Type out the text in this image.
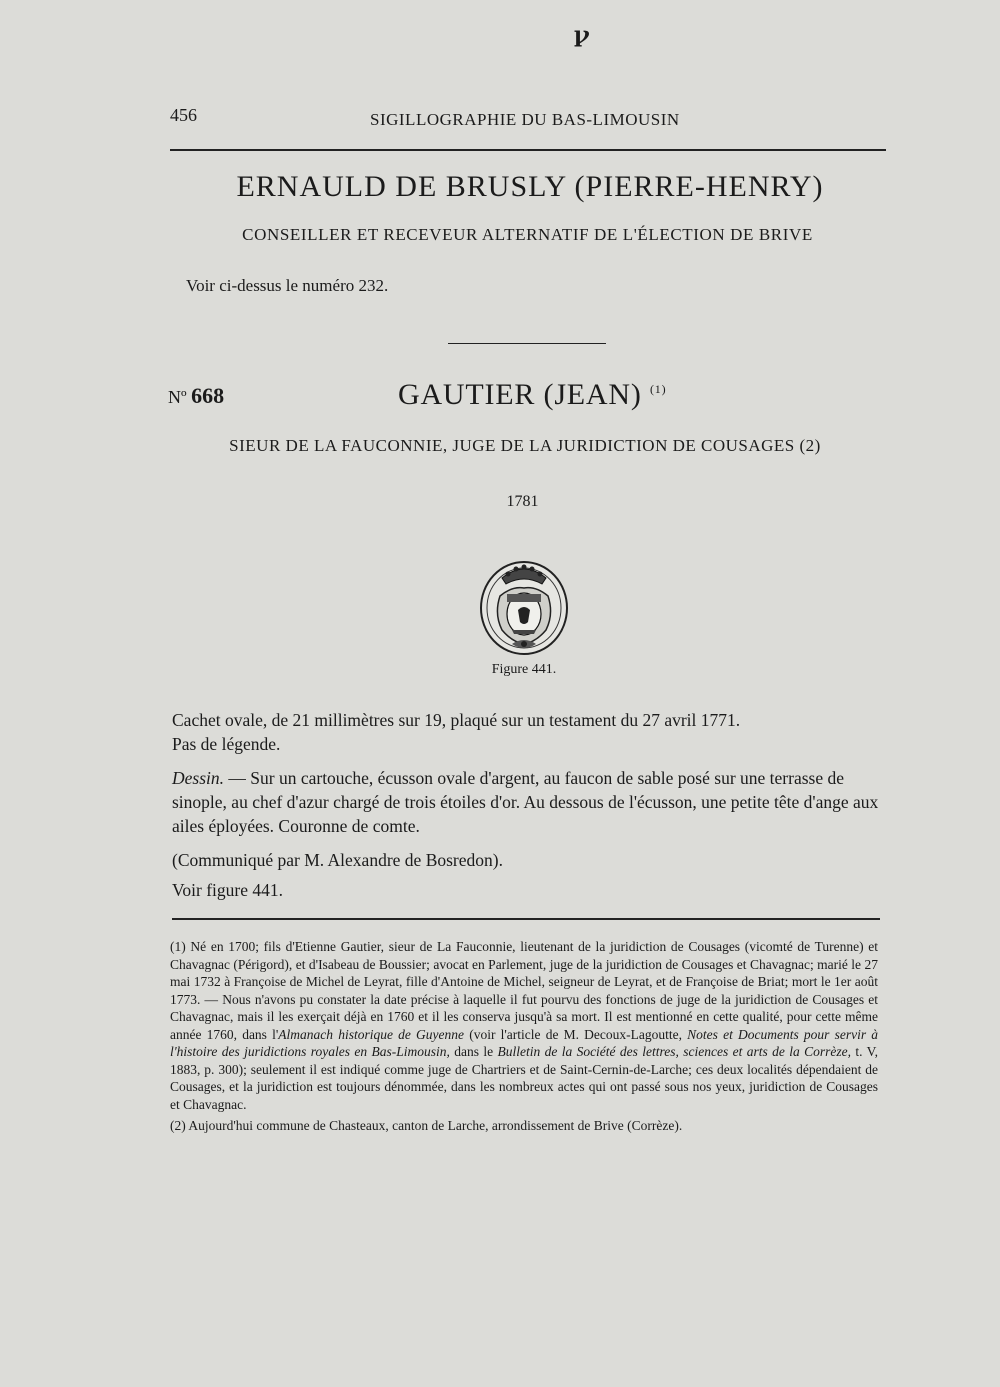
ꝩ
456	SIGILLOGRAPHIE DU BAS-LIMOUSIN
ERNAULD DE BRUSLY (PIERRE-HENRY)
CONSEILLER ET RECEVEUR ALTERNATIF DE L'ÉLECTION DE BRIVE
Voir ci-dessus le numéro 232.
Nº 668	GAUTIER (JEAN) $^{(1)}$
SIEUR DE LA FAUCONNIE, JUGE DE LA JURIDICTION DE COUSAGES (2)
1781
Figure 441.

Cachet ovale, de 21 millimètres sur 19, plaqué sur un testament du 27 avril 1771.

Pas de légende.

Dessin. — Sur un cartouche, écusson ovale d'argent, au faucon de sable posé sur une terrasse de sinople, au chef d'azur chargé de trois étoiles d'or. Au dessous de l'écusson, une petite tête d'ange aux ailes éployées. Couronne de comte.

(Communiqué par M. Alexandre de Bosredon).

Voir figure 441.

(1) Né en 1700; fils d'Etienne Gautier, sieur de La Fauconnie, lieutenant de la juridiction de Cousages (vicomté de Turenne) et Chavagnac (Périgord), et d'Isabeau de Boussier; avocat en Parlement, juge de la juridiction de Cousages et Chavagnac; marié le 27 mai 1732 à Françoise de Michel de Leyrat, fille d'Antoine de Michel, seigneur de Leyrat, et de Françoise de Briat; mort le 1er août 1773. — Nous n'avons pu constater la date précise à laquelle il fut pourvu des fonctions de juge de la juridiction de Cousages et Chavagnac, mais il les exerçait déjà en 1760 et il les conserva jusqu'à sa mort. Il est mentionné en cette qualité, pour cette même année 1760, dans l'Almanach historique de Guyenne (voir l'article de M. Decoux-Lagoutte, Notes et Documents pour servir à l'histoire des juridictions royales en Bas-Limousin, dans le Bulletin de la Société des lettres, sciences et arts de la Corrèze, t. V, 1883, p. 300); seulement il est indiqué comme juge de Chartriers et de Saint-Cernin-de-Larche; ces deux localités dépendaient de Cousages, et la juridiction est toujours dénommée, dans les nombreux actes qui ont passé sous nos yeux, juridiction de Cousages et Chavagnac.

(2) Aujourd'hui commune de Chasteaux, canton de Larche, arrondissement de Brive (Corrèze).
